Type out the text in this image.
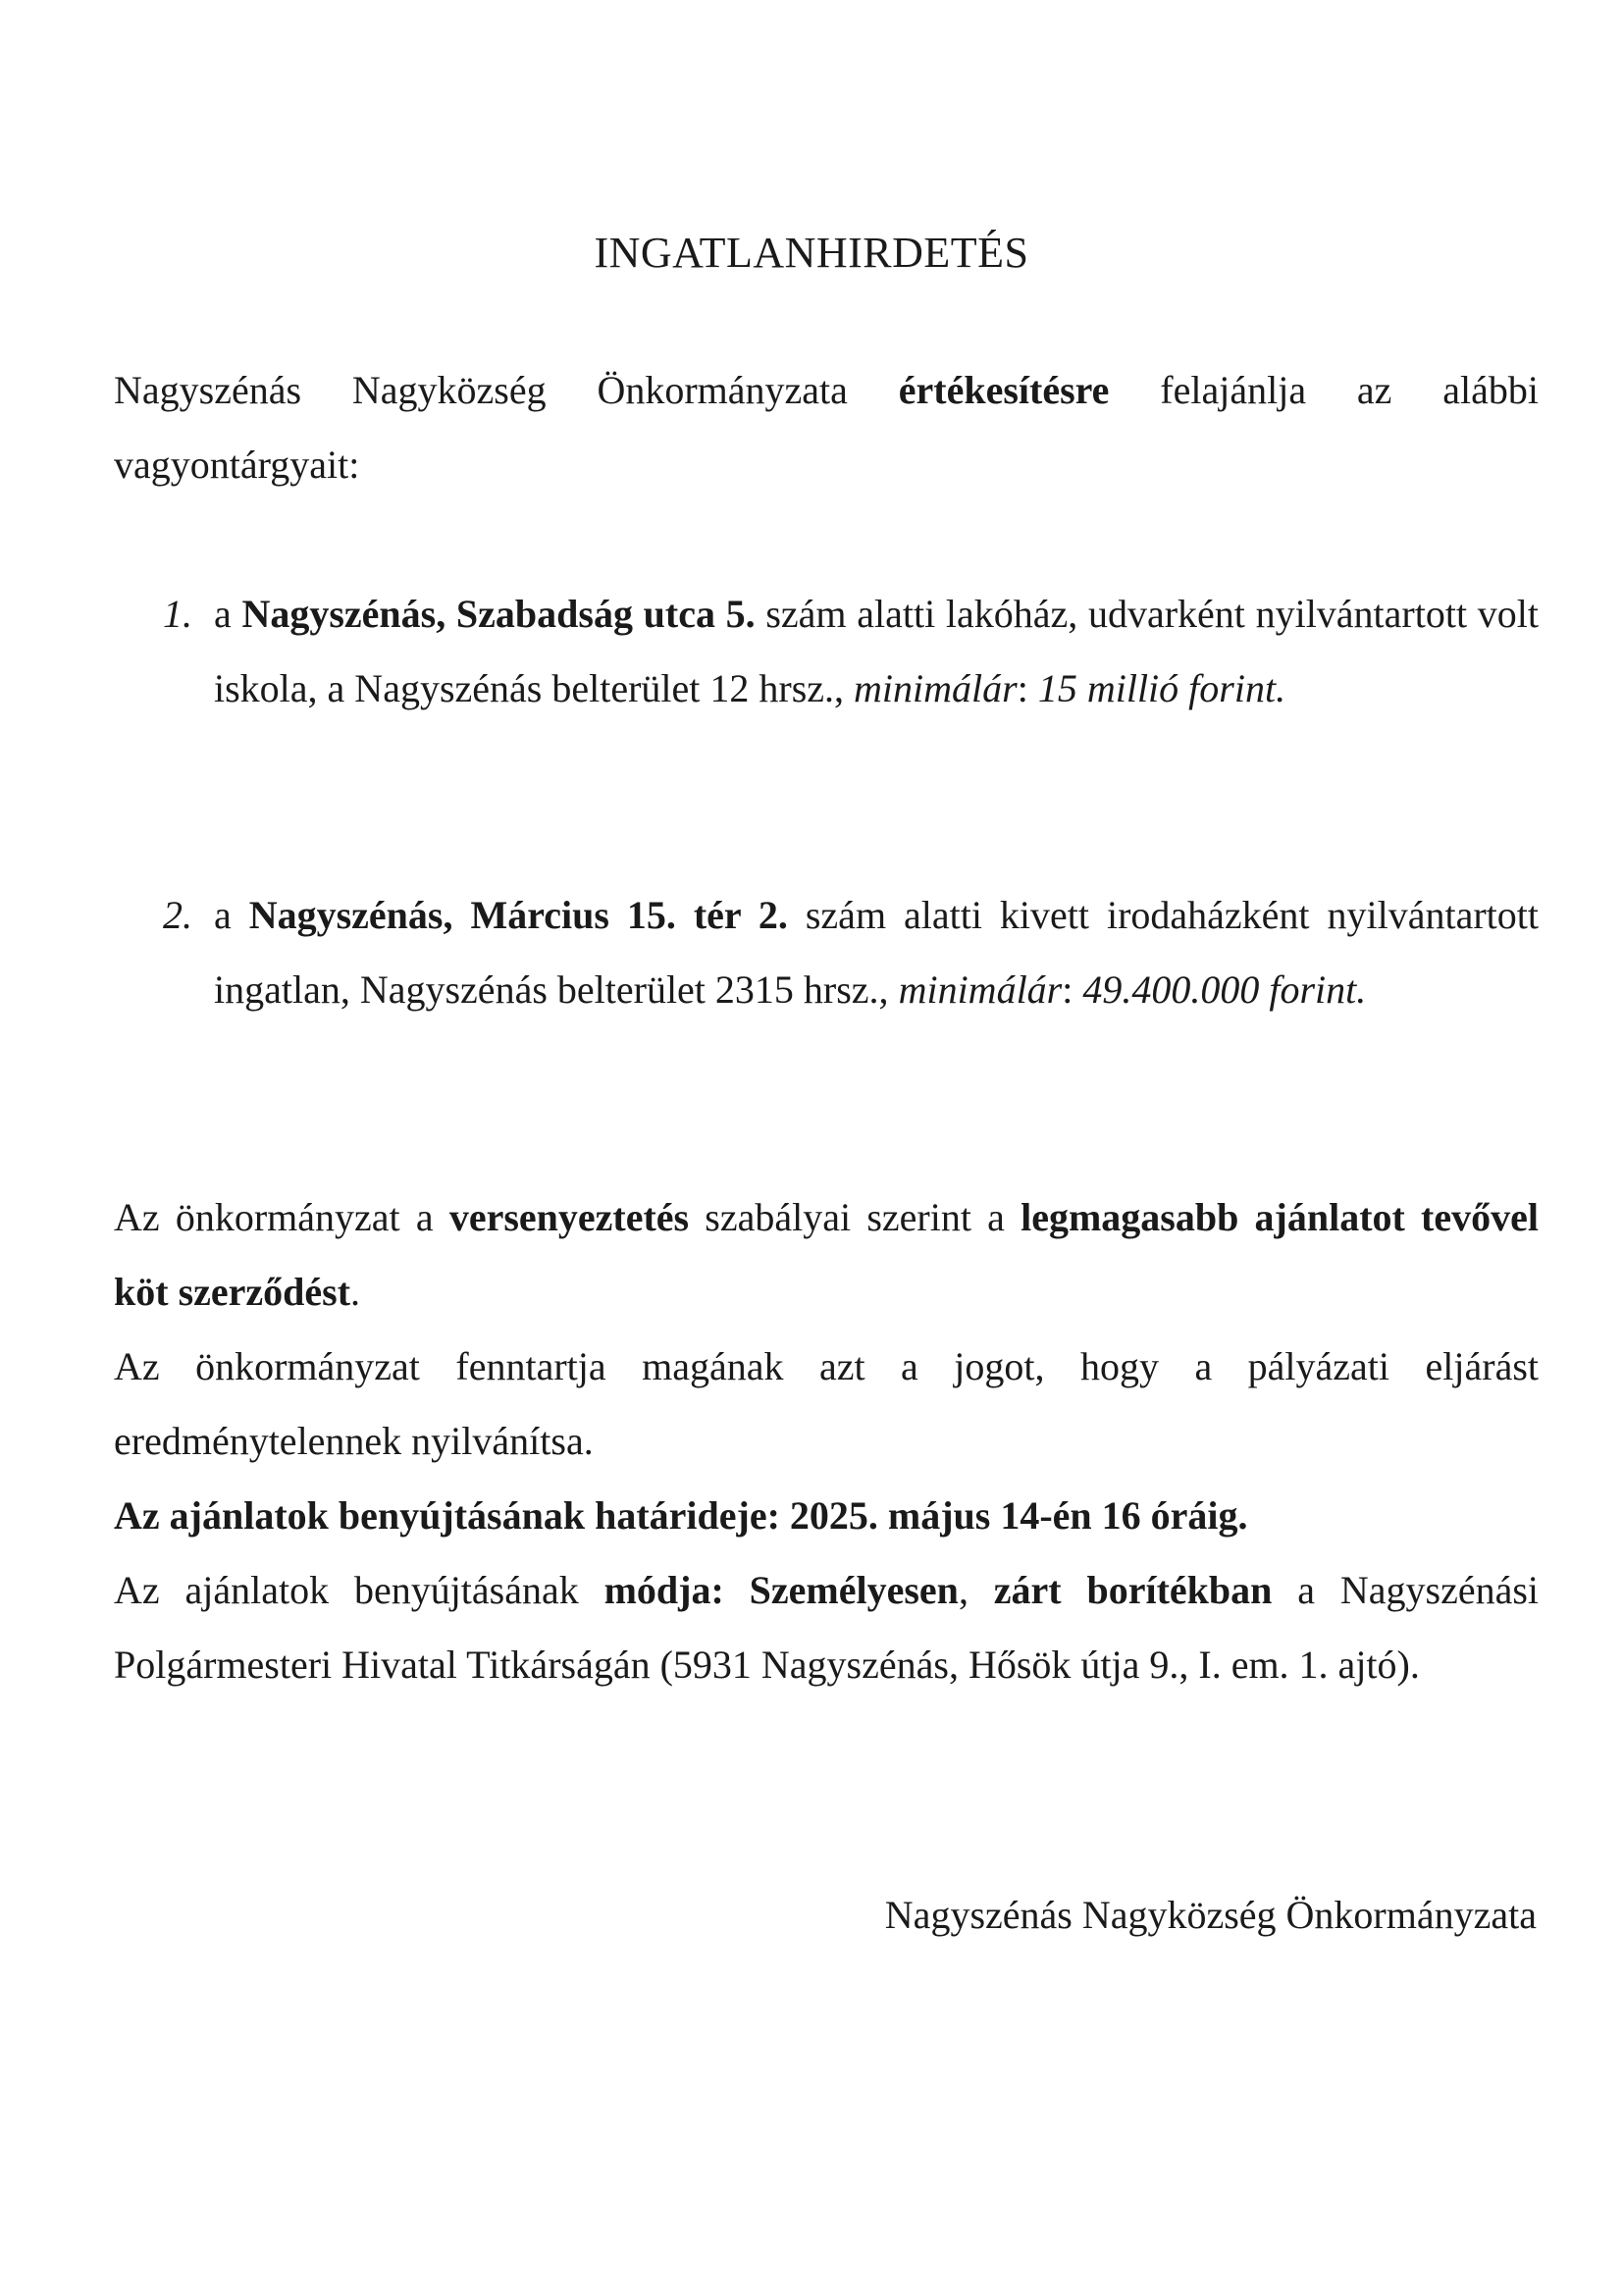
INGATLANHIRDETÉS
Nagyszénás Nagyközség Önkormányzata értékesítésre felajánlja az alábbi vagyontárgyait:
1. a Nagyszénás, Szabadság utca 5. szám alatti lakóház, udvarként nyilvántartott volt iskola, a Nagyszénás belterület 12 hrsz., minimálár: 15 millió forint.
2. a Nagyszénás, Március 15. tér 2. szám alatti kivett irodaházként nyilvántartott ingatlan, Nagyszénás belterület 2315 hrsz., minimálár: 49.400.000 forint.
Az önkormányzat a versenyeztetés szabályai szerint a legmagasabb ajánlatot tevővel köt szerződést.
Az önkormányzat fenntartja magának azt a jogot, hogy a pályázati eljárást eredménytelennek nyilvánítsa.
Az ajánlatok benyújtásának határideje: 2025. május 14-én 16 óráig.
Az ajánlatok benyújtásának módja: Személyesen, zárt borítékban a Nagyszénási Polgármesteri Hivatal Titkárságán (5931 Nagyszénás, Hősök útja 9., I. em. 1. ajtó).
Nagyszénás Nagyközség Önkormányzata
